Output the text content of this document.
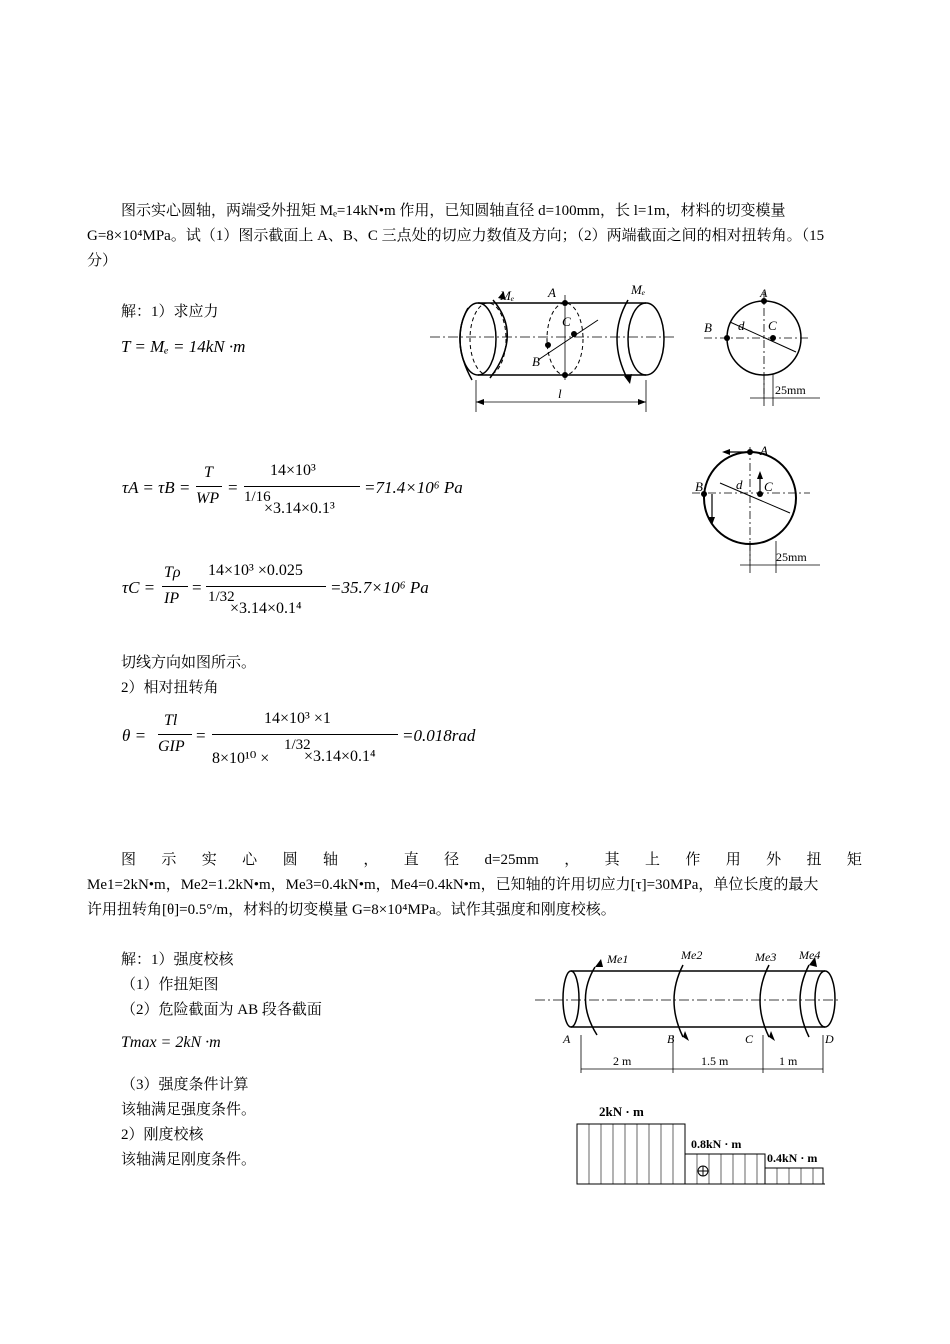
图示实心圆轴，两端受外扭矩 Mₑ=14kN•m 作用，已知圆轴直径 d=100mm，长 l=1m，材料的切变模量
G=8×10⁴MPa。试（1）图示截面上 A、B、C 三点处的切应力数值及方向；（2）两端截面之间的相对扭转角。（15
分）
解：1）求应力
T = Mₑ = 14kN ·m
τA = τB =
T
WP
=
14×10³
1/16
×3.14×0.1³
=71.4×10⁶ Pa
τC =
Tρ
IP
=
14×10³ ×0.025
1/32
×3.14×0.1⁴
=35.7×10⁶ Pa
切线方向如图所示。
2）相对扭转角
θ =
Tl
GIP
=
14×10³ ×1
8×10¹⁰ ×
1/32
×3.14×0.1⁴
=0.018rad
Mₑ	Mₑ
A
B
C
l
A
B d C
25mm
A
B	d C
25mm
图 示 实 心 圆 轴 ， 直 径 d=25mm ， 其 上 作 用 外 扭 矩
Me1=2kN•m，Me2=1.2kN•m，Me3=0.4kN•m，Me4=0.4kN•m，已知轴的许用切应力[τ]=30MPa，单位长度的最大
许用扭转角[θ]=0.5°/m，材料的切变模量 G=8×10⁴MPa。试作其强度和刚度校核。
解：1）强度校核
（1）作扭矩图
（2）危险截面为 AB 段各截面
Tmax = 2kN ·m
（3）强度条件计算
该轴满足强度条件。
2）刚度校核
该轴满足刚度条件。
Me1	Me2	Me3 Me4
A	B	C	D
2 m	1.5 m	1 m
2kN · m
0.8kN · m
0.4kN · m
